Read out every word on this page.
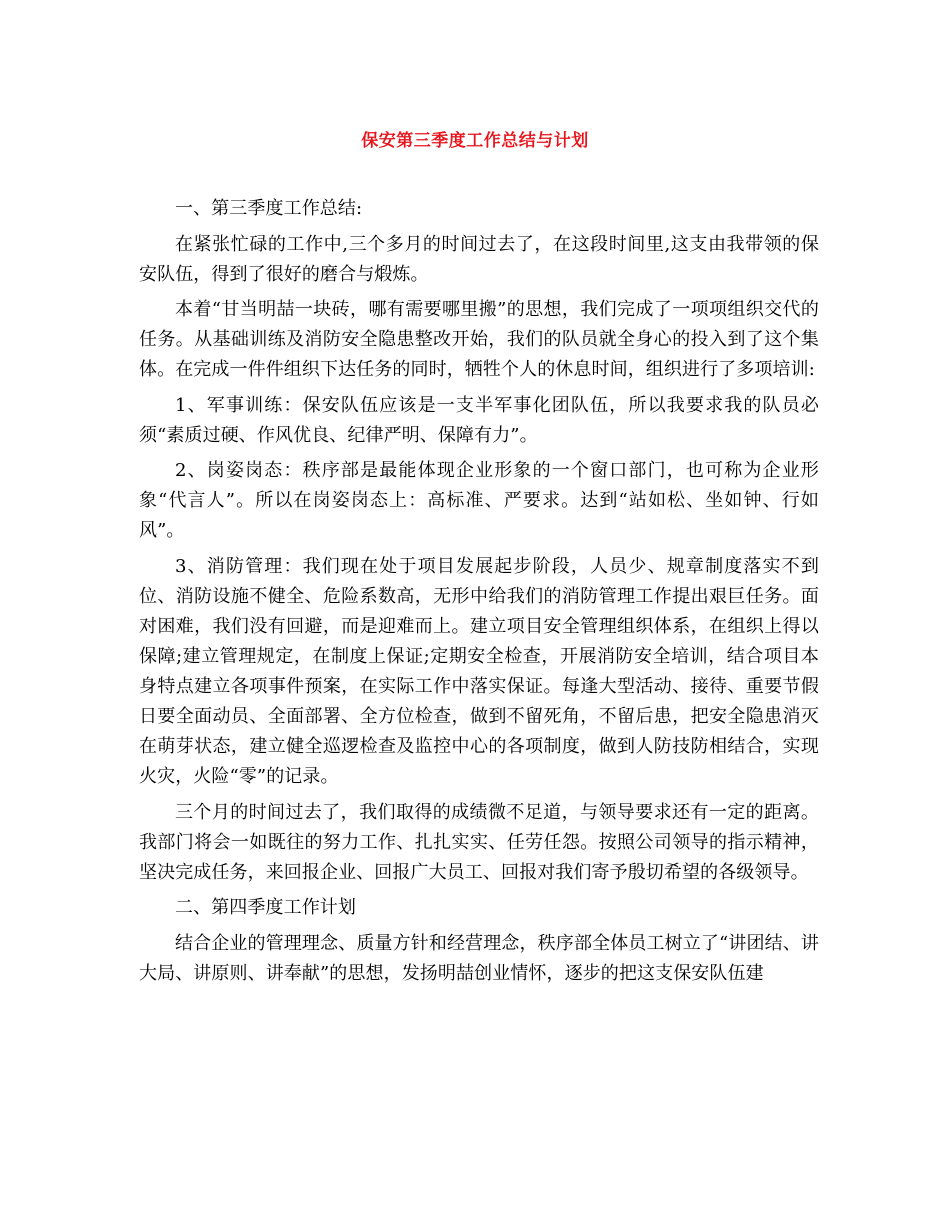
保安第三季度工作总结与计划

一、第三季度工作总结:

在紧张忙碌的工作中,三个多月的时间过去了，在这段时间里,这支由我带领的保安队伍，得到了很好的磨合与煅炼。

本着“甘当明喆一块砖，哪有需要哪里搬”的思想，我们完成了一项项组织交代的任务。从基础训练及消防安全隐患整改开始，我们的队员就全身心的投入到了这个集体。在完成一件件组织下达任务的同时，牺牲个人的休息时间，组织进行了多项培训:

1、军事训练：保安队伍应该是一支半军事化团队伍，所以我要求我的队员必须“素质过硬、作风优良、纪律严明、保障有力”。

2、岗姿岗态：秩序部是最能体现企业形象的一个窗口部门，也可称为企业形象“代言人”。所以在岗姿岗态上：高标准、严要求。达到“站如松、坐如钟、行如风”。

3、消防管理：我们现在处于项目发展起步阶段，人员少、规章制度落实不到位、消防设施不健全、危险系数高，无形中给我们的消防管理工作提出艰巨任务。面对困难，我们没有回避，而是迎难而上。建立项目安全管理组织体系，在组织上得以保障;建立管理规定，在制度上保证;定期安全检查，开展消防安全培训，结合项目本身特点建立各项事件预案，在实际工作中落实保证。每逢大型活动、接待、重要节假日要全面动员、全面部署、全方位检查，做到不留死角，不留后患，把安全隐患消灭在萌芽状态，建立健全巡逻检查及监控中心的各项制度，做到人防技防相结合，实现火灾，火险“零”的记录。

三个月的时间过去了，我们取得的成绩微不足道，与领导要求还有一定的距离。我部门将会一如既往的努力工作、扎扎实实、任劳任怨。按照公司领导的指示精神，坚决完成任务，来回报企业、回报广大员工、回报对我们寄予殷切希望的各级领导。

二、第四季度工作计划

结合企业的管理理念、质量方针和经营理念，秩序部全体员工树立了“讲团结、讲大局、讲原则、讲奉献”的思想，发扬明喆创业情怀，逐步的把这支保安队伍建
